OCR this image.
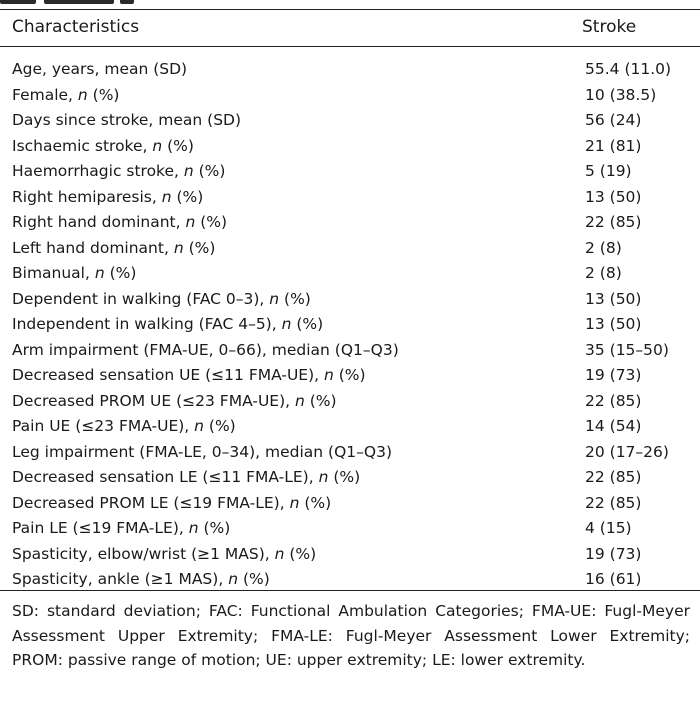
Characteristics	Stroke
Age, years, mean (SD)	55.4 (11.0)
Female, n (%)	10 (38.5)
Days since stroke, mean (SD)	56 (24)
Ischaemic stroke, n (%)	21 (81)
Haemorrhagic stroke, n (%)	5 (19)
Right hemiparesis, n (%)	13 (50)
Right hand dominant, n (%)	22 (85)
Left hand dominant, n (%)	2 (8)
Bimanual, n (%)	2 (8)
Dependent in walking (FAC 0–3), n (%)	13 (50)
Independent in walking (FAC 4–5), n (%)	13 (50)
Arm impairment (FMA-UE, 0–66), median (Q1–Q3)	35 (15–50)
Decreased sensation UE (≤11 FMA-UE), n (%)	19 (73)
Decreased PROM UE (≤23 FMA-UE), n (%)	22 (85)
Pain UE (≤23 FMA-UE), n (%)	14 (54)
Leg impairment (FMA-LE, 0–34), median (Q1–Q3)	20 (17–26)
Decreased sensation LE (≤11 FMA-LE), n (%)	22 (85)
Decreased PROM LE (≤19 FMA-LE), n (%)	22 (85)
Pain LE (≤19 FMA-LE), n (%)	4 (15)
Spasticity, elbow/wrist (≥1 MAS), n (%)	19 (73)
Spasticity, ankle (≥1 MAS), n (%)	16 (61)
SD: standard deviation; FAC: Functional Ambulation Categories; FMA-UE: Fugl-Meyer Assessment Upper Extremity; FMA-LE: Fugl-Meyer Assessment Lower Extremity; PROM: passive range of motion; UE: upper extremity; LE: lower extremity.
